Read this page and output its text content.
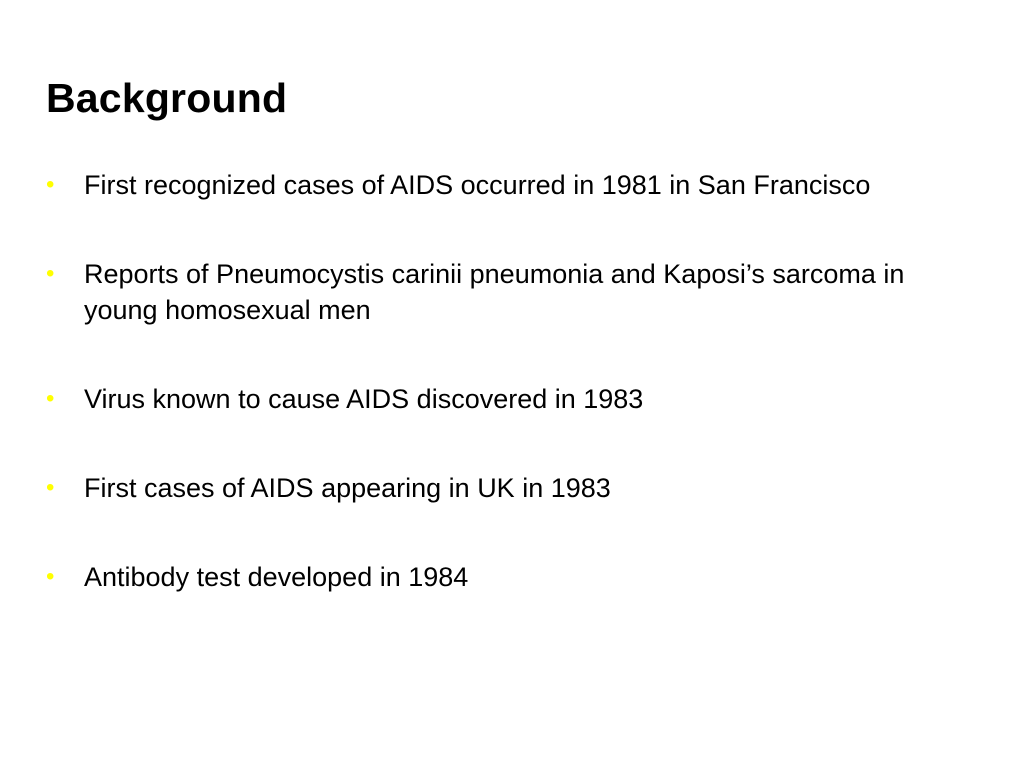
Background
•	First recognized cases of AIDS occurred in 1981 in San Francisco
•	Reports of Pneumocystis carinii pneumonia and Kaposi’s sarcoma in young homosexual men
•	Virus known to cause AIDS discovered in 1983
•	First cases of AIDS appearing in UK in 1983
•	Antibody test developed in 1984
